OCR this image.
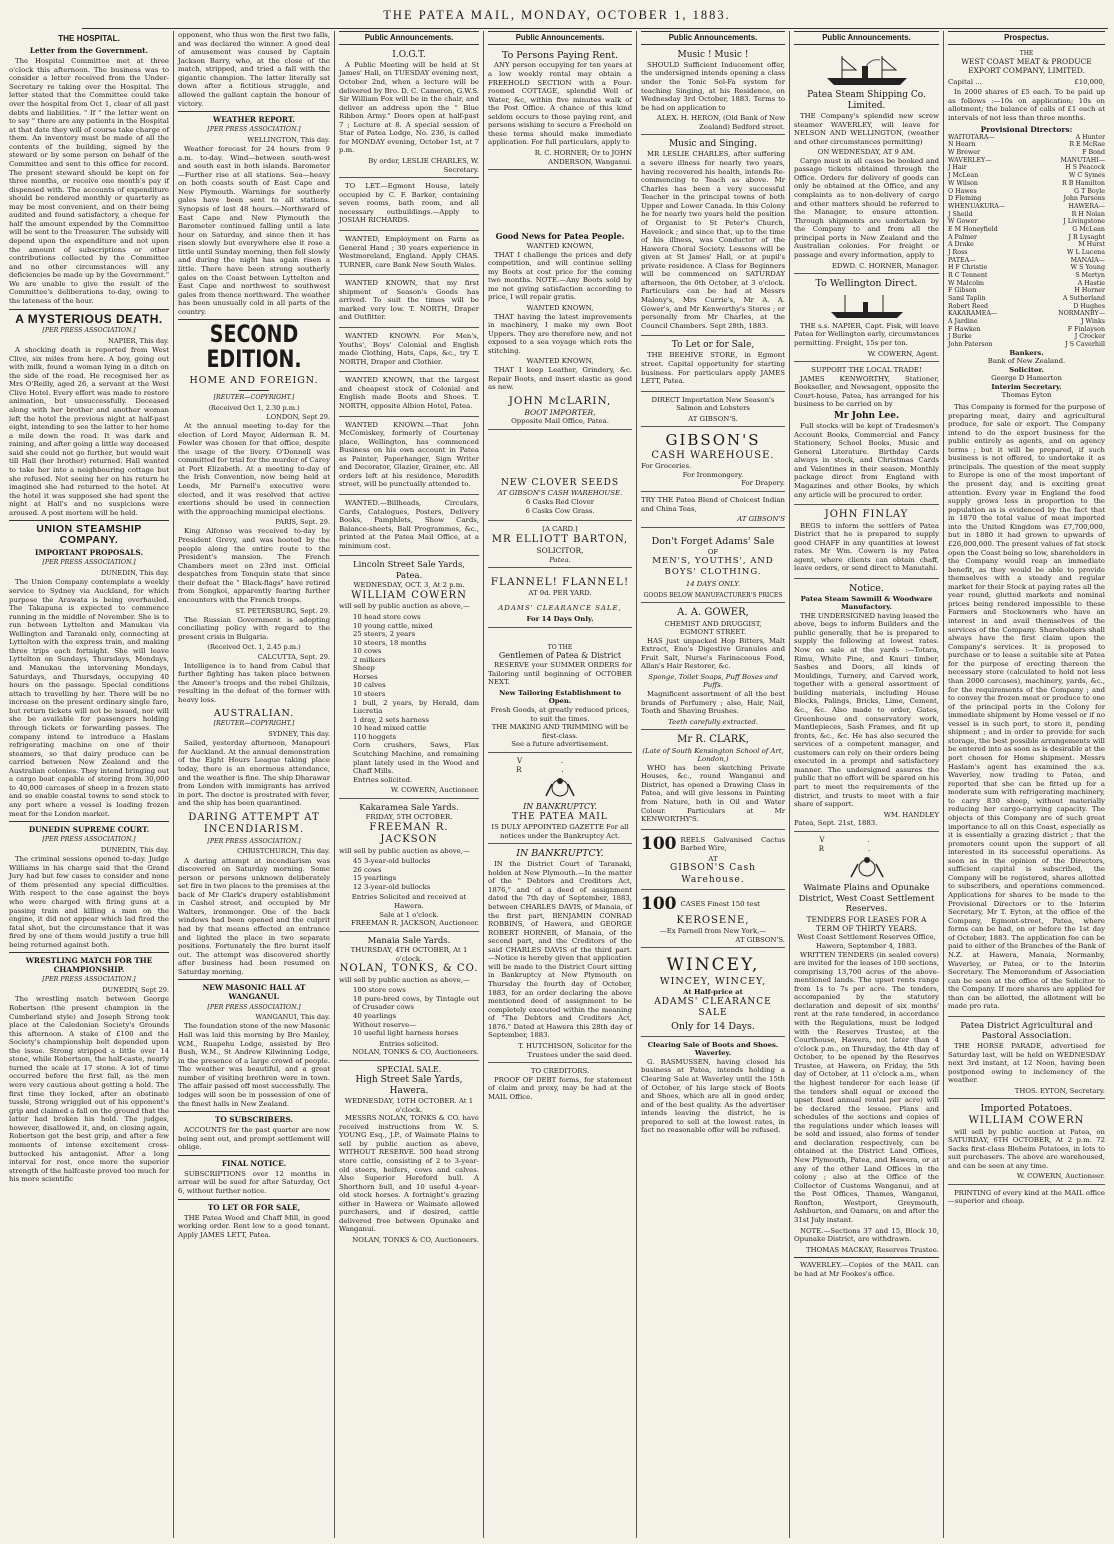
THE PATEA MAIL, MONDAY, OCTOBER 1, 1883.
THE HOSPITAL.
Letter from the Government.

The Hospital Committee met at three o'clock this afternoon. The business was to consider a letter received from the Under-Secretary re taking over the Hospital. The letter stated that the Committee could take over the hospital from Oct 1, clear of all past debts and liabilities. " If " the letter went on to say " there are any patients in the Hospital at that date they will of course take charge of them. An inventory must be made of all the contents of the building, signed by the steward or by some person on behalf of the Committee and sent to this office for record. The present steward should be kept on for three months, or receive one month's pay if dispensed with. The accounts of expenditure should be rendered monthly or quarterly as may be most convenient, and on their being audited and found satisfactory, a cheque for half the amount expended by the Committee will be sent to the Treasurer. The subsidy will depend upon the expenditure and not upon the amount of subscriptions or other contributions collected by the Committee and no other circumstances will any deficiencies be made up by the Government." We are unable to give the result of the Committee's deliberations to-day, owing to the lateness of the hour.

A MYSTERIOUS DEATH.
[PER PRESS ASSOCIATION.]
NAPIER, This day.

A shocking death is reported from West Clive, six miles from here. A boy, going out with milk, found a woman lying in a ditch on the side of the road. He recognised her as Mrs O'Reilly, aged 26, a servant at the West Clive Hotel. Every effort was made to restore animation, but unsuccessfully. Deceased along with her brother and another woman left the hotel the previous night at half-past eight, intending to see the latter to her home a mile down the road. It was dark and raining, and after going a little way deceased said she could not go further, but would wait till Hall (her brother) returned. Hall wanted to take her into a neighbouring cottage but she refused. Not seeing her on his return he imagined she had returned to the hotel. At the hotel it was supposed she had spent the night at Hall's and no suspicions were aroused. A post mortem will be held.

UNION STEAMSHIP COMPANY.
IMPORTANT PROPOSALS.
[PER PRESS ASSOCIATION.]
DUNEDIN, This day.

The Union Company contemplate a weekly service to Sydney via Auckland, for which purpose the Arawata is being overhauled. The Takapuna is expected to commence running in the middle of November. She is to run between Lyttelton and Manukau via Wellington and Taranaki only, connecting at Lyttelton with the express train, and making three trips each fortnight. She will leave Lyttelton on Sundays, Thursdays, Mondays, and Manukau the intervening Mondays, Saturdays, and Thursdays, occupying 40 hours on the passage. Special conditions attach to travelling by her. There will be no increase on the present ordinary single fare, but return tickets will not be issued, nor will she be available for passengers holding through tickets or forwarding passes. The company intend to introduce a Haslam refrigerating machine on one of their steamers, so that dairy produce can be carried between New Zealand and the Australian colonies. They intend bringing out a cargo boat capable of storing from 30,000 to 40,000 carcases of sheep in a frozen state and so enable coastal towns to send stock to any port where a vessel is loading frozen meat for the London market.

DUNEDIN SUPREME COURT.
[PER PRESS ASSOCIATION.]
DUNEDIN, This day.

The criminal sessions opened to-day. Judge Williams in his charge said that the Grand Jury had but few cases to consider and none of them presented any special difficulties. With respect to the case against the boys who were charged with firing guns at a passing train and killing a man on the engine, it did not appear which lad fired the fatal shot, but the circumstance that it was fired by one of them would justify a true bill being returned against both.

WRESTLING MATCH FOR THE CHAMPIONSHIP.
[PER PRESS ASSOCIATION.]
DUNEDIN, Sept 29.

The wrestling match between George Robertson (the present champion in the Cumberland style) and Joseph Strong took place at the Caledonian Society's Grounds this afternoon. A stake of £100 and the Society's championship belt depended upon the issue. Strong stripped a little over 14 stone, while Robertson, the half-caste, nearly turned the scale at 17 stone. A lot of time occurred before the first fall, as the men were very cautious about getting a hold. The first time they locked, after an obstinate tussle, Strong wriggled out of his opponent's grip and claimed a fall on the ground that the latter had broken his hold. The judges, however, disallowed it, and, on closing again, Robertson got the best grip, and after a few moments of intense excitement cross-buttocked his antagonist. After a long interval for rest, once more the superior strength of the halfcaste proved too much for his more scientific

opponent, who thus won the first two falls, and was declared the winner. A good deal of amusement was caused by Captain Jackson Barry, who, at the close of the match, stripped, and tried a fall with the gigantic champion. The latter literally sat down after a fictitious struggle, and allowed the gallant captain the honour of victory.

WEATHER REPORT.
[PER PRESS ASSOCIATION.]
WELLINGTON, This day.

Weather forecast for 24 hours from 9 a.m. to-day. Wind—between south-west and south east in both islands. Barometer—Further rise at all stations. Sea—heavy on both coasts south of East Cape and New Plymouth. Warnings for southerly gales have been sent to all stations. Synopsis of last 48 hours.—Northward of East Cape and New Plymouth the Barometer continued falling until a late hour on Saturday, and since then it has risen slowly but everywhere else it rose a little until Sunday morning, then fell slowly and during the night has again risen a little. There have been strong southerly gales on the Coast between Lyttelton and East Cape and northwest to southwest gales from thence northward. The weather has been unusually cold in all parts of the country.

SECOND EDITION.
HOME AND FOREIGN.
[REUTER—COPYRIGHT.]
(Received Oct 1, 2.30 p.m.)
LONDON, Sept 29.

At the annual meeting to-day for the election of Lord Mayor, Alderman R. M. Fowler was chosen for that office, despite the usage of the livery. O'Donnell was committed for trial for the murder of Carey at Port Elizabeth. At a meeting to-day of the Irish Convention, now being held at Leeds, Mr Parnell's executive were elected, and it was resolved that active exertions should be used in connection with the approaching municipal elections.

PARIS, Sept. 29.

King Alfonso was received to-day by President Grevy, and was hooted by the people along the entire route to the President's mansion. The French Chambers meet on 23rd inst. Official despatches from Tonquin state that since their defeat the " Black-flags" have retired from Songkoi, apparently fearing further encounters with the French troops.

ST. PETERSBURG, Sept. 29.

The Russian Government is adopting conciliating policy with regard to the present crisis in Bulgaria.

(Received Oct. 1, 2.45 p.m.)
CALCUTTA, Sept. 29.

Intelligence is to hand from Cabul that further fighting has taken place between the Ameer's troops and the rebel Ghilzais, resulting in the defeat of the former with heavy loss.

AUSTRALIAN.
[REUTER—COPYRIGHT.]
SYDNEY, This day.

Sailed, yesterday afternoon, Manapouri for Auckland. At the annual demonstration of the Eight Hours League taking place today, there is an enormous attendance, and the weather is fine. The ship Dharawar from London with immigrants has arrived in port. The doctor is prostrated with fever, and the ship has been quarantined.

DARING ATTEMPT AT INCENDIARISM.
[PER PRESS ASSOCIATION.]
CHRISTCHURCH, This day.

A daring attempt at incendiarism was discovered on Saturday morning. Some person or persons unknown deliberately set fire in two places to the premises at the back of Mr Clark's drapery establishment in Cashel street, and occupied by Mr Walters, ironmonger. One of the back windows had been opened and the culprit had by that means effected an entrance and lighted the place in two separate positions. Fortunately the fire burnt itself out. The attempt was discovered shortly after business had been resumed on Saturday morning.

NEW MASONIC HALL AT WANGANUI.
[PER PRESS ASSOCIATION.]
WANGANUI, This day.

The foundation stone of the new Masonic Hall was laid this morning by Bro Manley, W.M., Ruapehu Lodge, assisted by Bro Bush, W.M., St Andrew Kilwinning Lodge, in the presence of a large crowd of people. The weather was beautiful, and a great number of visiting brethren were in town. The affair passed off most successfully. The lodges will soon be in possession of one of the finest halls in New Zealand.

TO SUBSCRIBERS.

ACCOUNTS for the past quarter are now being sent out, and prompt settlement will oblige.

FINAL NOTICE.

SUBSCRIPTIONS over 12 months in arrear will be sued for after Saturday, Oct 6, without further notice.

TO LET OR FOR SALE,

THE Patea Wood and Chaff Mill, in good working order. Rent low to a good tenant. Apply JAMES LETT, Patea.

Public Announcements.
I.O.G.T.

A Public Meeting will be held at St James' Hall, on TUESDAY evening next, October 2nd, when a lecture will be delivered by Bro. D. C. Cameron, G.W.S. Sir William Fox will be in the chair, and deliver an address upon the " Blue Ribbon Army." Doors open at half-past 7 ; Lecture at 8. A special session of Star of Patea Lodge, No. 236, is called for MONDAY evening, October 1st, at 7 p.m.

By order, LESLIE CHARLES, W. Secretary.

TO LET.—Egmont House, lately occupied by C. F. Barker, containing seven rooms, bath room, and all necessary outbuildings.—Apply to JOSIAH RICHARDS.

WANTED, Employment on Farm as General Hand ; 30 years experience in Westmoreland, England. Apply CHAS. TURNER, care Bank New South Wales.

WANTED KNOWN, that my first shipment of Season's Goods has arrived. To suit the times will be marked very low. T. NORTH, Draper and Outfitter.

WANTED KNOWN. For Men's, Youths', Boys' Colonial and English made Clothing, Hats, Caps, &c., try T. NORTH, Draper and Clothier.

WANTED KNOWN, that the largest and cheapest stock of Colonial and English made Boots and Shoes. T. NORTH, opposite Albion Hotel, Patea.

WANTED KNOWN.—That John McComiskey, formerly of Courtenay place, Wellington, has commenced Business on his own account in Patea as Painter, Paperhanger, Sign Writer and Decorator, Glazier, Grainer, etc. All orders left at his residence, Meredith street, will be punctually attended to.

WANTED.—Billheads, Circulars, Cards, Catalogues, Posters, Delivery Books, Pamphlets, Show Cards, Balance-sheets, Ball Programmes, &c., printed at the Patea Mail Office, at a minimum cost.

Lincoln Street Sale Yards, Patea.
WEDNESDAY, OCT. 3, At 2 p.m.
WILLIAM COWERN

will sell by public auction as above,—

10 head store cows
10 young cattle, mixed
25 steers, 2 years
10 steers, 18 months
10 cows
2 milkers
Sheep
Horses
10 calves
10 steers
1 bull, 2 years, by Herald, dam Lucretia
1 dray, 2 sets harness
10 head mixed cattle
110 hoggets
Corn crushers, Saws, Flax Scutching Machine, and remaining plant lately used in the Wood and Chaff Mills.
Entries solicited.
W. COWERN, Auctioneer.
Kakaramea Sale Yards.
FRIDAY, 5TH OCTOBER.
FREEMAN R. JACKSON

will sell by public auction as above,—

45 3-year-old bullocks
26 cows
15 yearlings
12 3-year-old bullocks
Entries Solicited and received at Hawera.
Sale at 1 o'clock.
FREEMAN R. JACKSON, Auctioneer.
Manaia Sale Yards.
THURSDAY, 4TH OCTOBER, At 1 o'clock.
NOLAN, TONKS, & CO.

will sell by public auction as above,—

100 store cows
18 pure-bred cows, by Tintagle out of Crusader cows
40 yearlings
Without reserve—
10 useful light harness horses
Entries solicited.
NOLAN, TONKS & CO, Auctioneers.
SPECIAL SALE.
High Street Sale Yards, Hawera.
WEDNESDAY, 10TH OCTOBER. At 1 o'clock.

MESSRS NOLAN, TONKS & CO. have received instructions from W. S. YOUNG Esq., J.P., of Waimate Plains to sell by public auction as above, WITHOUT RESERVE. 500 head strong store cattle, consisting of 2 to 3-year-old steers, heifers, cows and calves. Also Superior Hereford bull. A Shorthorn bull, and 10 useful 4-year-old stock horses. A fortnight's grazing either in Hawera or Waimate allowed purchasers, and if desired, cattle delivered free between Opunake and Wanganui.

NOLAN, TONKS & CO, Auctioneers.
Public Announcements.
To Persons Paying Rent.

ANY person occupying for ten years at a low weekly rental may obtain a FREEHOLD SECTION with a Four-roomed COTTAGE, splendid Well of Water, &c, within five minutes walk of the Post Office. A chance of this kind seldom occurs to those paying rent, and persons wishing to secure a Freehold on these terms should make immediate application. For full particulars, apply to

R. C. HORNER; Or to JOHN ANDERSON, Wanganui.
Good News for Patea People.
WANTED KNOWN,

THAT I challenge the prices and defy competition, and will continue selling my Boots at cost price for the coming two months. NOTE.—Any Boots sold by me not giving satisfaction according to price, I will repair gratis.

WANTED KNOWN,

THAT having the latest improvements in machinery, I make my own Boot Uppers. They are therefore new, and not exposed to a sea voyage which rots the stitching.

WANTED KNOWN,

THAT I keep Leather, Grindery, &c. Repair Boots, and insert elastic as good as new.

JOHN McLARIN,
BOOT IMPORTER,
Opposite Mail Office, Patea.
NEW CLOVER SEEDS
AT GIBSON'S CASH WAREHOUSE.
6 Casks Red Clover
6 Casks Cow Grass.
[A CARD.]
MR ELLIOTT BARTON,
SOLICITOR,
Patea.
FLANNEL! FLANNEL!
AT 9d. PER YARD.
ADAMS' CLEARANCE SALE,
For 14 Days Only.
TO THE
Gentlemen of Patea & District

RESERVE your SUMMER ORDERS for Tailoring until beginning of OCTOBER NEXT.

New Tailoring Establishment to Open.
Fresh Goods, at greatly reduced prices, to suit the times.
THE MAKING AND TRIMMING will be first-class.
See a future advertisement.
V. R.
IN BANKRUPTCY.
THE PATEA MAIL
IS DULY APPOINTED GAZETTE For all notices under the Bankruptcy Act.
IN BANKRUPTCY.

IN the District Court of Taranaki, holden at New Plymouth.—In the matter of the " Debtors and Creditors Act, 1876," and of a deed of assignment dated the 7th day of September, 1883, between CHARLES DAVIS, of Manaia, of the first part, BENJAMIN CONRAD ROBBINS, of Hawera, and GEORGE ROBERT HORNER, of Manaia, of the second part, and the Creditors of the said CHARLES DAVIS of the third part. —Notice is hereby given that application will be made to the District Court sitting in Bankruptcy at New Plymouth on Thursday the fourth day of October, 1883, for an order declaring the above mentioned deed of assignment to be completely executed within the meaning of "The Debtors and Creditors Act, 1876." Dated at Hawera this 28th day of September, 1883.

T. HUTCHISON, Solicitor for the Trustees under the said deed.
TO CREDITORS.

PROOF OF DEBT forms, for statement of claim and proxy, may be had at the MAIL Office.

Public Announcements.
Music ! Music !

SHOULD Sufficient Inducement offer, the undersigned intends opening a class under the Tonic Sol-Fa system for teaching Singing, at his Residence, on Wednesday 3rd October, 1883. Terms to be had on application to

ALEX. H. HERON, (Old Bank of New Zealand) Bedford street.
Music and Singing.

MR LESLIE CHARLES, after suffering a severe illness for nearly two years, having recovered his health, intends Re-commencing to Teach as above. Mr Charles has been a very successful Teacher in the principal towns of both Upper and Lower Canada. In this Colony he for nearly two years held the position of Organist to St Peter's Church, Havelock ; and since that, up to the time of his illness, was Conductor of the Hawera Choral Society. Lessons will be given at St James' Hall, or at pupil's private residence. A Class for Beginners will be commenced on SATURDAY afternoon, the 6th October, at 3 o'clock. Particulars can be had at Messrs Malony's, Mrs Currie's, Mr A. A. Gower's, and Mr Kenworthy's Stores ; or personally from Mr Charles, at the Council Chambers. Sept 28th, 1883.

To Let or for Sale,

THE BEEHIVE STORE, in Egmont street. Capital opportunity for starting business. For particulars apply JAMES LETT, Patea.

DIRECT Importation New Season's Salmon and Lobsters

AT GIBSON'S.
GIBSON'S
CASH WAREHOUSE.
For Groceries.
For Ironmongery.
For Drapery.

TRY THE Patea Blend of Choicest Indian and China Teas,

AT GIBSON'S
Don't Forget Adams' Sale
OF
MEN'S, YOUTHS', AND BOYS' CLOTHING.
14 DAYS ONLY.
GOODS BELOW MANUFACTURER'S PRICES
A. A. GOWER,
CHEMIST AND DRUGGIST,
EGMONT STREET.

HAS just unpacked Hop Bitters, Malt Extract, Eno's Digestive Granules and Fruit Salt, Nurse's Farinaceous Food, Allan's Hair Restorer, &c.

Sponge, Toilet Soaps, Puff Boxes and Puffs.

Magnificent assortment of all the best brands of Perfumery ; also, Hair, Nail, Tooth and Shaving Brushes.

Teeth carefully extracted.
Mr R. CLARK,
(Late of South Kensington School of Art, London,)

WHO has been sketching Private Houses, &c., round Wanganui and District, has opened a Drawing Class in Patea, and will give lessons in Painting from Nature, both in Oil and Water Colour. Particulars at Mr KENWORTHY'S.

100 REELS Galvanised Cactus Barbed Wire,
AT
GIBSON'S Cash Warehouse.
100 CASES Finest 150 test
KEROSENE,
—Ex Parnell from New York,—
AT GIBSON'S.
WINCEY,
WINCEY, WINCEY,
At Half-price at
ADAMS' CLEARANCE SALE
Only for 14 Days.
Clearing Sale of Boots and Shoes. Waverley.

G. RASMUSSEN, having closed his business at Patea, intends holding a Clearing Sale at Waverley until the 15th of October, of his large stock of Boots and Shoes, which are all in good order, and of the best quality. As the advertiser intends leaving the district, he is prepared to sell at the lowest rates, in fact no reasonable offer will be refused.

Public Announcements.
Patea Steam Shipping Co. Limited.

THE Company's splendid new screw steamer WAVERLEY, will leave for NELSON AND WELLINGTON, (weather and other circumstances permitting)

ON WEDNESDAY, AT 9 AM.

Cargo must in all cases be booked and passage tickets obtained through the Office. Orders for delivery of goods can only be obtained at the Office, and any complaints as to non-delivery of cargo and other matters should be referred to the Manager, to ensure attention. Through shipments are undertaken by the Company to and from all the principal ports in New Zealand and the Australian colonies. For freight or passage and every information, apply to

EDWD. C. HORNER, Manager.
To Wellington Direct.

THE s.s. NAPIER, Capt. Fisk, will leave Patea for Wellington early, circumstances permitting. Freight, 15s per ton.

W. COWERN, Agent.
SUPPORT THE LOCAL TRADE!

JAMES KENWORTHY, Stationer, Bookseller, and Newsagent, opposite the Court-house, Patea, has arranged for his business to be carried on by

Mr John Lee.

Full stocks will be kept of Tradesmen's Account Books, Commercial and Fancy Stationery, School Books, Music and General Literature. Birthday Cards always in stock, and Christmas Cards and Valentines in their season. Monthly package direct from England with Magazines and other Books, by which any article will be procured to order.

JOHN FINLAY

BEGS to inform the settlers of Patea District that he is prepared to supply good CHAFF in any quantities at lowest rates. Mr Wm. Cowern is my Patea agent, where clients can obtain chaff, leave orders, or send direct to Manutahi.

Notice.
Patea Steam Sawmill & Woodware Manufactory.

THE UNDERSIGNED having leased the above, begs to inform Builders and the public generally, that he is prepared to supply the following at lowest rates. Now on sale at the yards :—Totara, Rimu, White Pine, and Kauri timber, Sashes and Doors, all kinds of Mouldings, Turnery, and Carved work, together with a general assortment of building materials, including House Blocks, Palings, Bricks, Lime, Cement, &c., &c. Also made to order, Gates, Greenhouse and conservatory work, Mantlepieces, Sash Frames, and fit up fronts, &c., &c. He has also secured the services of a competent manager, and customers can rely on their orders being executed in a prompt and satisfactory manner. The undersigned assures the public that no effort will be spared on his part to meet the requirements of the district, and trusts to meet with a fair share of support.

WM. HANDLEY
Patea, Sept. 21st, 1883.
V. R.
Waimate Plains and Opunake District, West Coast Settlement Reserves.
TENDERS FOR LEASES FOR A TERM OF THIRTY YEARS.
West Coast Settlement Reserves Office, Hawera, September 4, 1883.

WRITTEN TENDERS (in sealed covers) are invited for the leases of 100 sections, comprising 13,700 acres of the above-mentioned lands. The upset rents range from 1s to 7s per acre. The tenders, accompanied by the statutory declaration and deposit of six months' rent at the rate tendered, in accordance with the Regulations, must be lodged with the Reserves Trustee, at the Courthouse, Hawera, not later than 4 o'clock p.m., on Thursday, the 4th day of October, to be opened by the Reserves Trustee, at Hawera, on Friday, the 5th day of October, at 11 o'clock a.m., when the highest tenderer for each lease (if the tenders shall equal or exceed the upset fixed annual rental per acre) will be declared the lessee. Plans and schedules of the sections and copies of the regulations under which leases will be sold and issued, also forms of tender and declaration respectively, can be obtained at the District Land Offices, New Plymouth, Patea, and Hawera, or at any of the other Land Offices in the colony ; also at the Office of the Collector of Customs Wanganui, and at the Post Offices, Thames, Wanganui, Ronfton, Westport, Greymouth, Ashburton, and Oamaru, on and after the 31st July instant.

NOTE.—Sections 37 and 15, Block 10, Opunake District, are withdrawn.

THOMAS MACKAY, Reserves Trustee.

WAVERLEY.—Copies of the MAIL can be had at Mr Fookes's office.

Prospectus.
THE
WEST COAST MEAT & PRODUCE EXPORT COMPANY, LIMITED.
Capital ...	£10,000,

In 2000 shares of £5 each. To be paid up as follows :—10s on application; 10s on allotment; the balance of calls of £1 each at intervals of not less than three months.

Provisional Directors:
WAITOTARA—	A Hunter
N Hearn	R E McRae
W Brewer	F Bond
WAVERLEY—	MANUTAHI—
J Hair	H S Peacock
J McLean	W C Symes
W Wilson	R B Hamilton
O Hawes	G T Boyle
D Fleming	John Parsons
WHENUAKURA—	HAWERA—
J Sheild	R H Nolan
W Gower	J Livingstone
E M Honeyfield	G McLean
A Palmer	J R Lysaght
A Drake	M Hurst
J Ross	W L Lucena
PATEA—	MANAIA—
H F Christie	W S Young
R C Tennent	S Mertyn
W Malcolm	A Hastie
F Gibson	H Horner
Saml Taplin	A Sutherland
Robert Reed	D Hughes
KAKARAMEA—	NORMANBY—
A Jardine	J Winks
F Hawken	F Finlayson
J Burke	J Crocker
John Paterson	J S Caverhill
Bankers.
Bank of New Zealand.
Solicitor.
George D Hamerton
Interim Secretary.
Thomas Eyton

This Company is formed for the purpose of preparing meat, dairy and agricultural produce, for sale or export. The Company intend to do the export business for the public entirely as agents, and on agency terms ; but it will be prepared, if such business is not offered, to undertake it as principals. The question of the meat supply to Europe is one of the most important of the present day, and is exciting great attention. Every year in England the food supply grows less in proportion to the population as is evidenced by the fact that in 1870 the total value of meat imported into the United Kingdom was £7,700,000, but in 1880 it had grown to upwards of £26,000,000. The present values of fat stock open the Coast being so low, shareholders in the Company would reap an immediate benefit, as they would be able to provide themselves with a steady and regular market for their Stock at paying rates all the year round, glutted markets and nominal prices being rendered impossible to these Farmers and Stockowners who have an interest in and avail themselves of the services of the Company. Shareholders shall always have the first claim upon the Company's services. It is proposed to purchase or to lease a suitable site at Patea for the purpose of erecting thereon the necessary store (calculated to hold not less than 2000 carcases), machinery, yards, &c., for the requirements of the Company ; and to convey the frozen meat or produce to one of the principal ports in the Colony for immediate shipment by Home vessel or if no vessel is in such port, to store it, pending shipment ; and in order to provide for such storage, the best possible arrangements will be entered into as soon as is desirable at the port chosen for Home shipment. Messrs Haslam's agent has examined the s.s. Waverley, now trading to Patea, and reported that she can be fitted up for a moderate sum with refrigerating machinery, to carry 830 sheep, without materially reducing her cargo-carrying capacity. The objects of this Company are of such great importance to all on this Coast, especially as it is essentially a grazing district ; that the promoters count upon the support of all interested in its successful operations. As soon as in the opinion of the Directors, sufficient capital is subscribed, the Company will be registered, shares allotted to subscribers, and operations commenced. Applications for shares to be made to the Provisional Directors or to the Interim Secretary, Mr T. Eyton, at the office of the Company, Egmont-street, Patea, where forms can be had, on or before the 1st day of October, 1883. The application fee can be paid to either of the Branches of the Bank of N.Z. at Hawera, Manaia, Normanby, Waverley, or Patea, or to the Interim Secretary. The Memorandum of Association can be seen at the office of the Solicitor to the Company. If more shares are applied for than can be allotted, the allotment will be made pro rata.

Patea District Agricultural and Pastoral Association.

THE HORSE PARADE, advertised for Saturday last, will be held on WEDNESDAY next 3rd instant, at 12 Noon, having been postponed owing to inclemency of the weather.

THOS. EYTON, Secretary.
Imported Potatoes.
WILLIAM COWERN

will sell by public auction at Patea, on SATURDAY, 6TH OCTOBER, At 2 p.m. 72 Sacks first-class Bleheim Potatoes, in lots to suit purchasers. The above are warehoused, and can be seen at any time.

W. COWERN, Auctioneer.

PRINTING of every kind at the MAIL office—superior and cheap.
